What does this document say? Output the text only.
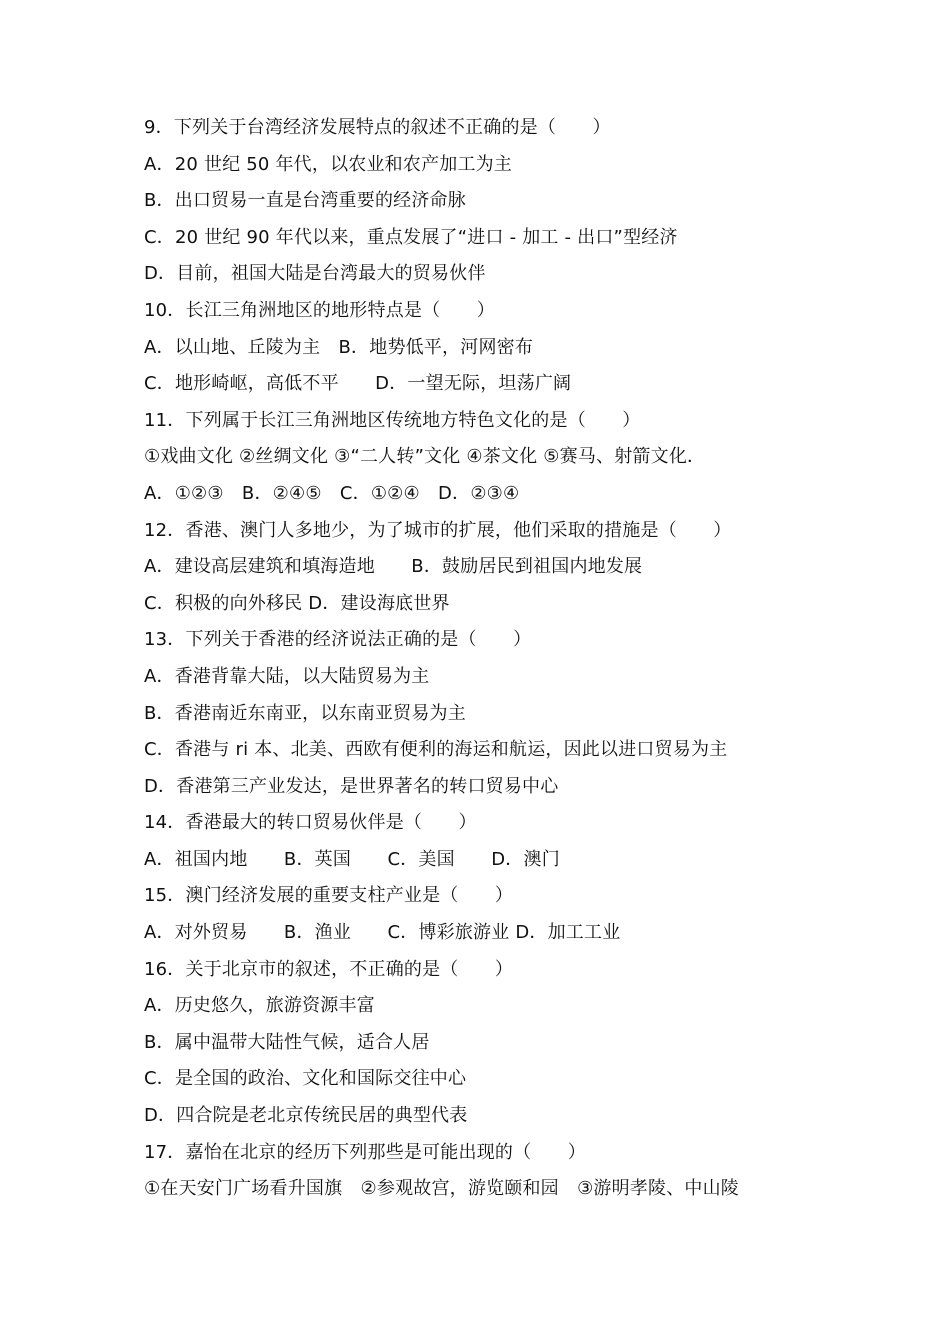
9．下列关于台湾经济发展特点的叙述不正确的是（　　）
A．20 世纪 50 年代，以农业和农产加工为主
B．出口贸易一直是台湾重要的经济命脉
C．20 世纪 90 年代以来，重点发展了“进口 - 加工 - 出口”型经济
D．目前，祖国大陆是台湾最大的贸易伙伴
10．长江三角洲地区的地形特点是（　　）
A．以山地、丘陵为主　B．地势低平，河网密布
C．地形崎岖，高低不平　　D．一望无际，坦荡广阔
11．下列属于长江三角洲地区传统地方特色文化的是（　　）
①戏曲文化 ②丝绸文化 ③“二人转”文化 ④茶文化 ⑤赛马、射箭文化．
A．①②③　B．②④⑤　C．①②④　D．②③④
12．香港、澳门人多地少，为了城市的扩展，他们采取的措施是（　　）
A．建设高层建筑和填海造地　　B．鼓励居民到祖国内地发展
C．积极的向外移民 D．建设海底世界
13．下列关于香港的经济说法正确的是（　　）
A．香港背靠大陆，以大陆贸易为主
B．香港南近东南亚，以东南亚贸易为主
C．香港与 ri 本、北美、西欧有便利的海运和航运，因此以进口贸易为主
D．香港第三产业发达，是世界著名的转口贸易中心
14．香港最大的转口贸易伙伴是（　　）
A．祖国内地　　B．英国　　C．美国　　D．澳门
15．澳门经济发展的重要支柱产业是（　　）
A．对外贸易　　B．渔业　　C．博彩旅游业 D．加工工业
16．关于北京市的叙述，不正确的是（　　）
A．历史悠久，旅游资源丰富
B．属中温带大陆性气候，适合人居
C．是全国的政治、文化和国际交往中心
D．四合院是老北京传统民居的典型代表
17．嘉怡在北京的经历下列那些是可能出现的（　　）
①在天安门广场看升国旗　②参观故宫，游览颐和园　③游明孝陵、中山陵
